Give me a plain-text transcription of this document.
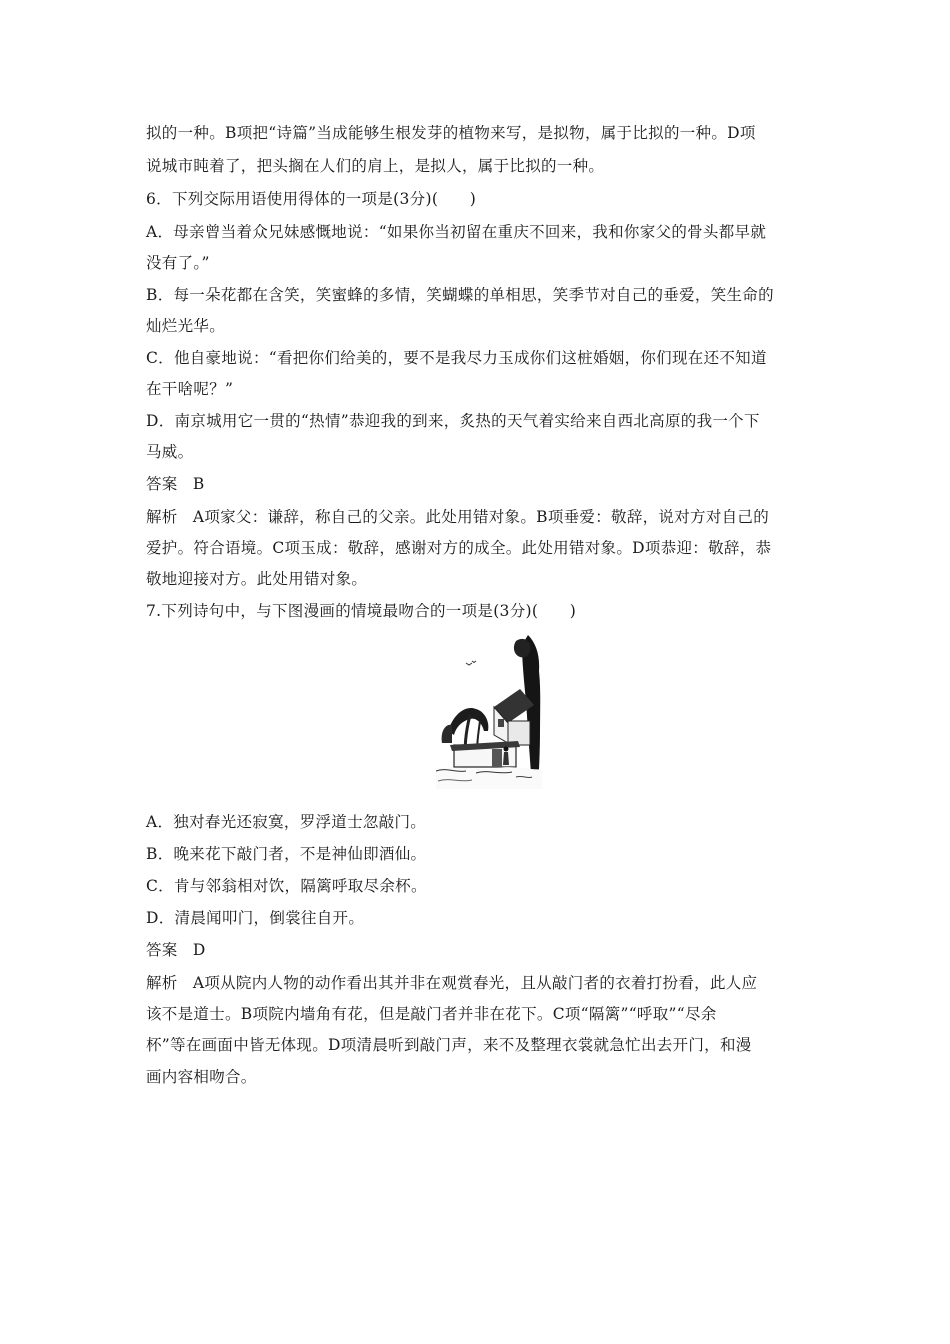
拟的一种。B项把“诗篇”当成能够生根发芽的植物来写，是拟物，属于比拟的一种。D项
说城市盹着了，把头搁在人们的肩上，是拟人，属于比拟的一种。
6．下列交际用语使用得体的一项是(3分)(　　)
A．母亲曾当着众兄妹感慨地说：“如果你当初留在重庆不回来，我和你家父的骨头都早就
没有了。”
B．每一朵花都在含笑，笑蜜蜂的多情，笑蝴蝶的单相思，笑季节对自己的垂爱，笑生命的
灿烂光华。
C．他自豪地说：“看把你们给美的，要不是我尽力玉成你们这桩婚姻，你们现在还不知道
在干啥呢？”
D．南京城用它一贯的“热情”恭迎我的到来，炙热的天气着实给来自西北高原的我一个下
马威。
答案 B
解析 A项家父：谦辞，称自己的父亲。此处用错对象。B项垂爱：敬辞，说对方对自己的
爱护。符合语境。C项玉成：敬辞，感谢对方的成全。此处用错对象。D项恭迎：敬辞，恭
敬地迎接对方。此处用错对象。
7.下列诗句中，与下图漫画的情境最吻合的一项是(3分)(　　)
A．独对春光还寂寞，罗浮道士忽敲门。
B．晚来花下敲门者，不是神仙即酒仙。
C．肯与邻翁相对饮，隔篱呼取尽余杯。
D．清晨闻叩门，倒裳往自开。
答案 D
解析 A项从院内人物的动作看出其并非在观赏春光，且从敲门者的衣着打扮看，此人应
该不是道士。B项院内墙角有花，但是敲门者并非在花下。C项“隔篱”“呼取”“尽余
杯”等在画面中皆无体现。D项清晨听到敲门声，来不及整理衣裳就急忙出去开门，和漫
画内容相吻合。
